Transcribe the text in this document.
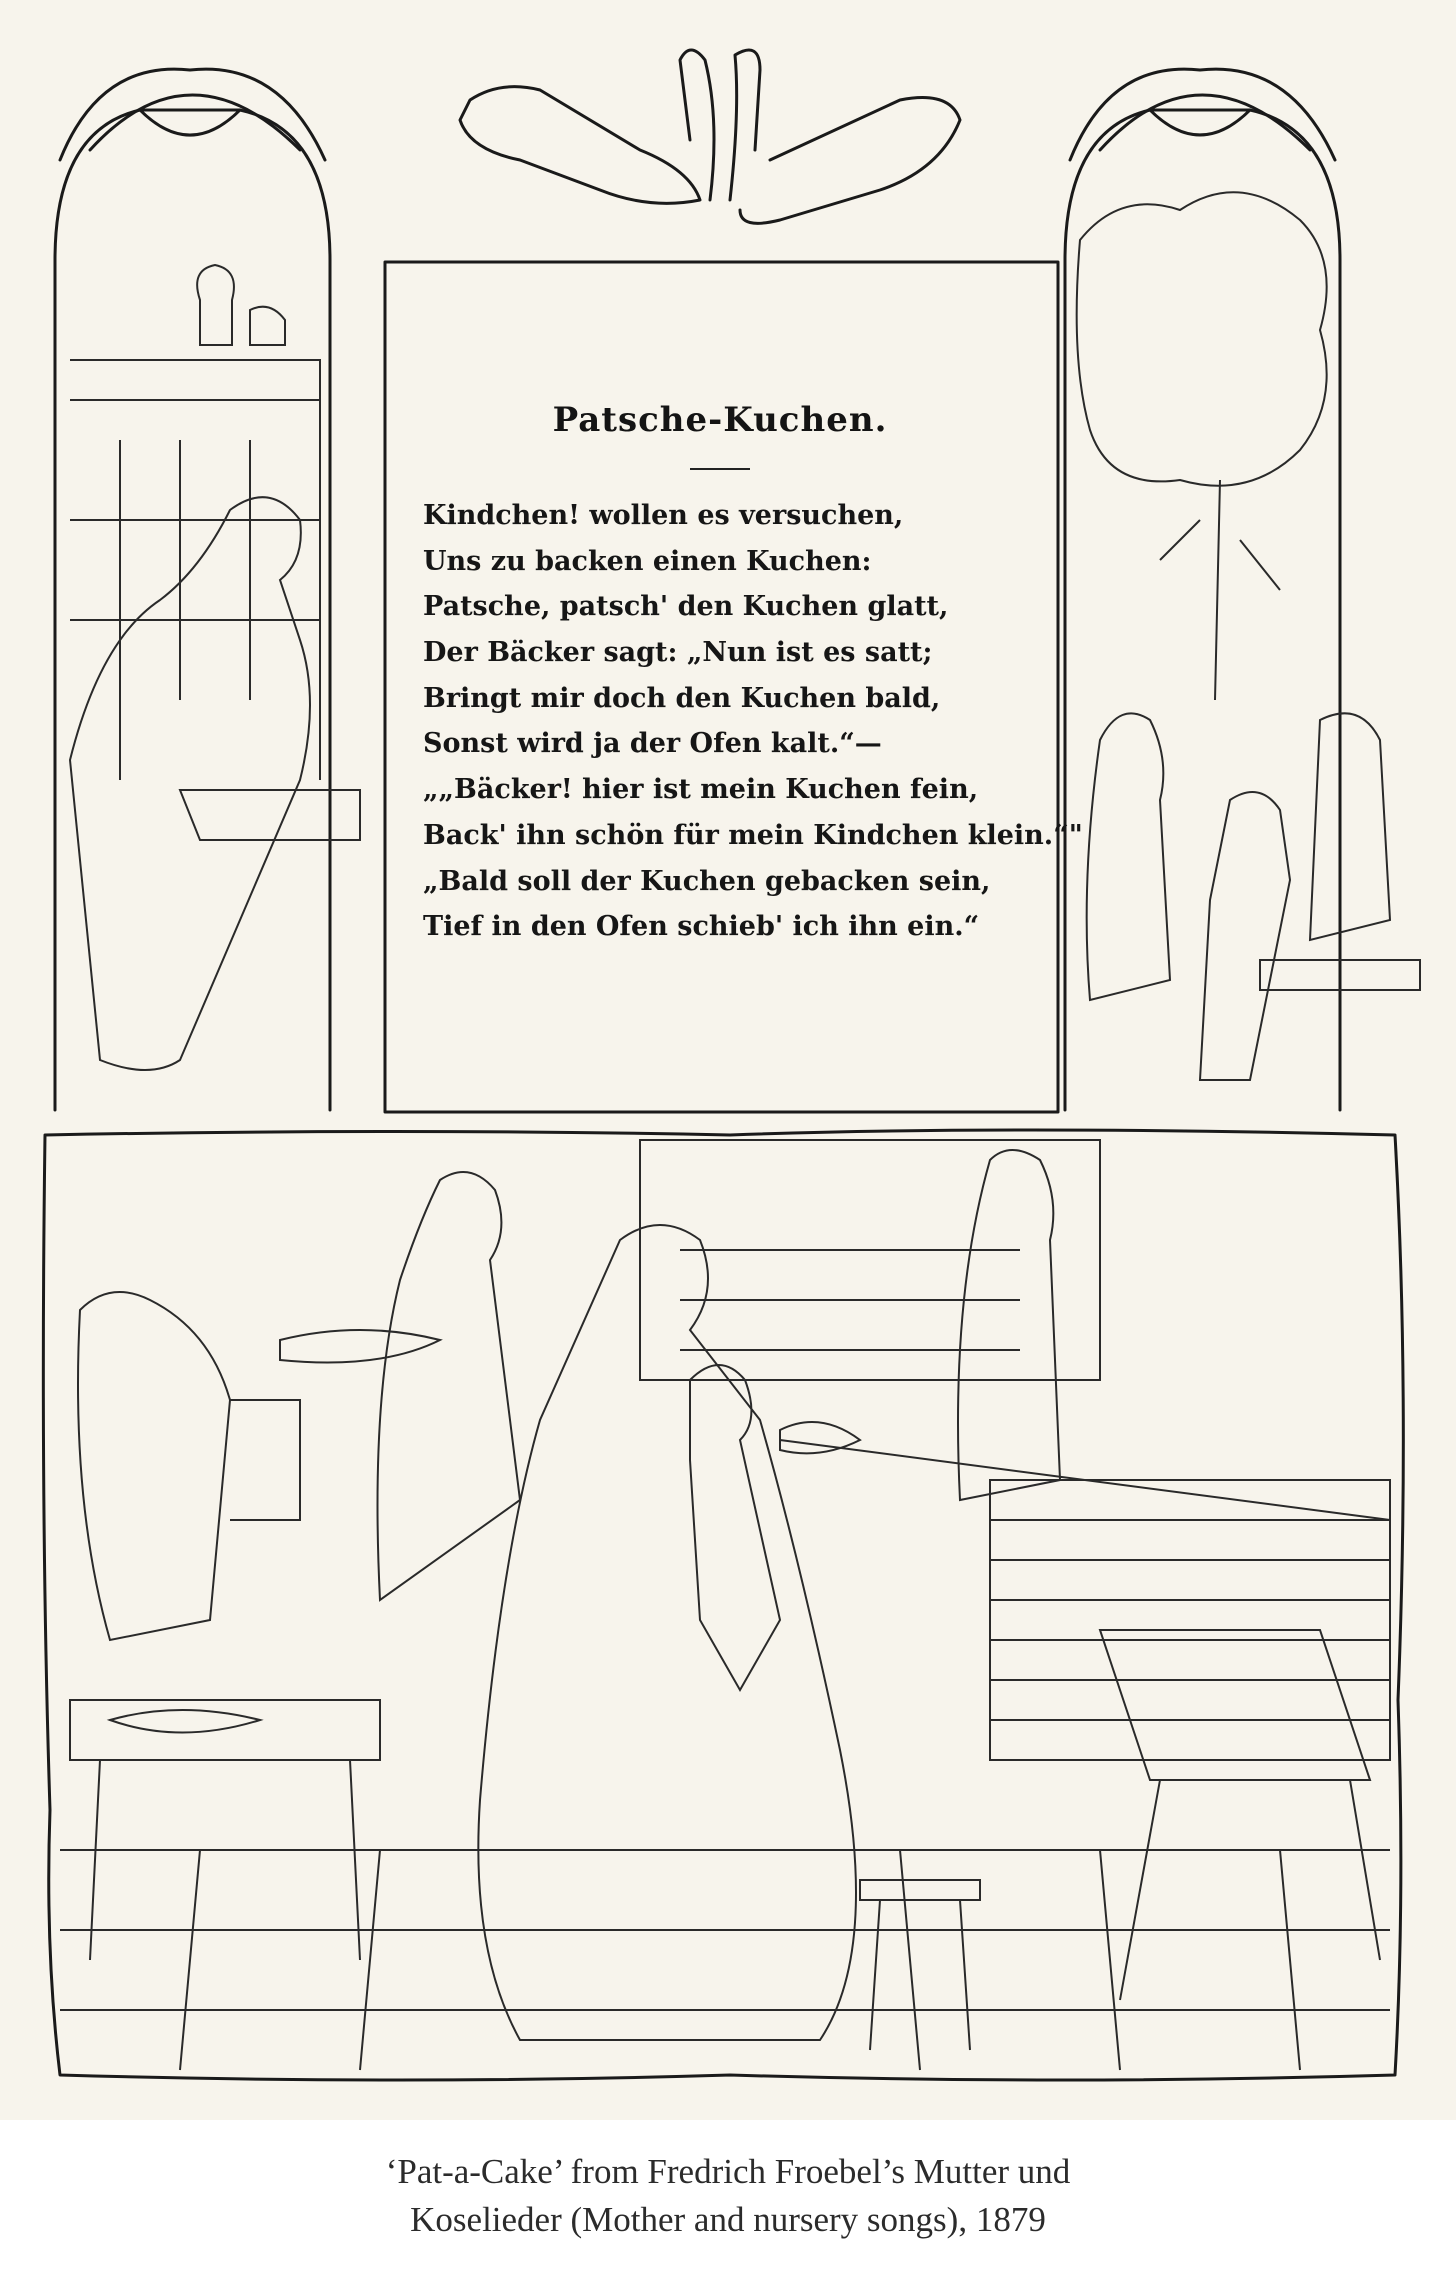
Patsche-Kuchen.
Kindchen! wollen es versuchen,
Uns zu backen einen Kuchen:
Patsche, patsch' den Kuchen glatt,
Der Bäcker sagt: „Nun ist es satt;
Bringt mir doch den Kuchen bald,
Sonst wird ja der Ofen kalt.“—
„„Bäcker! hier ist mein Kuchen fein,
Back' ihn schön für mein Kindchen klein.“"
„Bald soll der Kuchen gebacken sein,
Tief in den Ofen schieb' ich ihn ein.“
‘Pat-a-Cake’ from Fredrich Froebel’s Mutter und
Koselieder (Mother and nursery songs), 1879
